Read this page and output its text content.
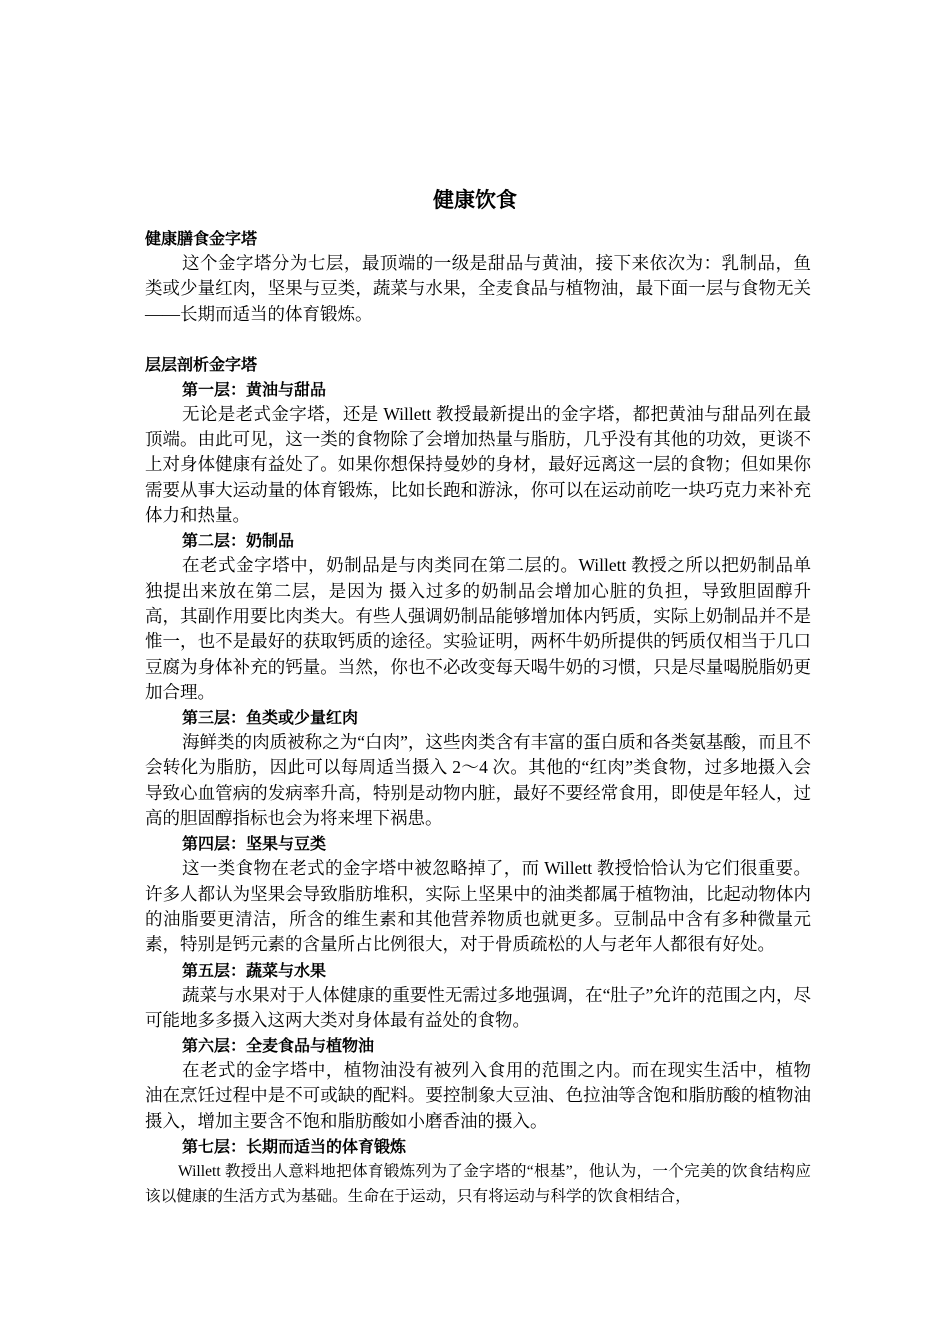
健康饮食
健康膳食金字塔

这个金字塔分为七层，最顶端的一级是甜品与黄油，接下来依次为：乳制品，鱼类或少量红肉，坚果与豆类，蔬菜与水果，全麦食品与植物油，最下面一层与食物无关——长期而适当的体育锻炼。

层层剖析金字塔
第一层：黄油与甜品

无论是老式金字塔，还是 Willett 教授最新提出的金字塔，都把黄油与甜品列在最顶端。由此可见，这一类的食物除了会增加热量与脂肪，几乎没有其他的功效，更谈不上对身体健康有益处了。如果你想保持曼妙的身材，最好远离这一层的食物；但如果你需要从事大运动量的体育锻炼，比如长跑和游泳，你可以在运动前吃一块巧克力来补充体力和热量。

第二层：奶制品

在老式金字塔中，奶制品是与肉类同在第二层的。Willett 教授之所以把奶制品单独提出来放在第二层，是因为 摄入过多的奶制品会增加心脏的负担，导致胆固醇升高，其副作用要比肉类大。有些人强调奶制品能够增加体内钙质，实际上奶制品并不是惟一，也不是最好的获取钙质的途径。实验证明，两杯牛奶所提供的钙质仅相当于几口豆腐为身体补充的钙量。当然，你也不必改变每天喝牛奶的习惯，只是尽量喝脱脂奶更加合理。

第三层：鱼类或少量红肉

海鲜类的肉质被称之为“白肉”，这些肉类含有丰富的蛋白质和各类氨基酸，而且不会转化为脂肪，因此可以每周适当摄入 2～4 次。其他的“红肉”类食物，过多地摄入会导致心血管病的发病率升高，特别是动物内脏，最好不要经常食用，即使是年轻人，过高的胆固醇指标也会为将来埋下祸患。

第四层：坚果与豆类

这一类食物在老式的金字塔中被忽略掉了，而 Willett 教授恰恰认为它们很重要。许多人都认为坚果会导致脂肪堆积，实际上坚果中的油类都属于植物油，比起动物体内的油脂要更清洁，所含的维生素和其他营养物质也就更多。豆制品中含有多种微量元素，特别是钙元素的含量所占比例很大，对于骨质疏松的人与老年人都很有好处。

第五层：蔬菜与水果

蔬菜与水果对于人体健康的重要性无需过多地强调，在“肚子”允许的范围之内，尽可能地多多摄入这两大类对身体最有益处的食物。

第六层：全麦食品与植物油

在老式的金字塔中，植物油没有被列入食用的范围之内。而在现实生活中，植物油在烹饪过程中是不可或缺的配料。要控制象大豆油、色拉油等含饱和脂肪酸的植物油摄入，增加主要含不饱和脂肪酸如小磨香油的摄入。

第七层：长期而适当的体育锻炼

Willett 教授出人意料地把体育锻炼列为了金字塔的“根基”，他认为，一个完美的饮食结构应该以健康的生活方式为基础。生命在于运动，只有将运动与科学的饮食相结合，
